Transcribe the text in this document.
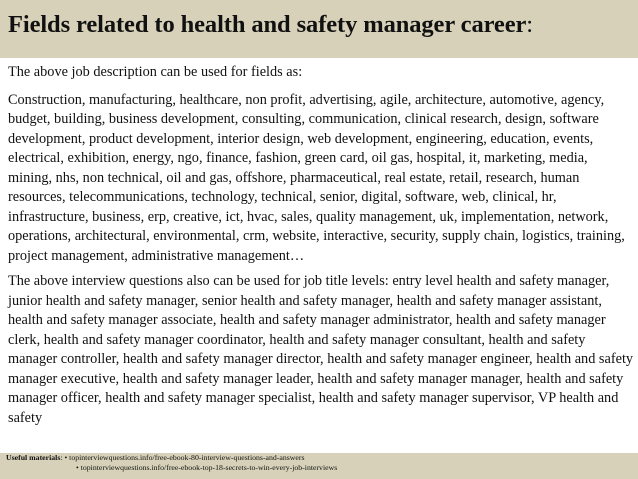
Fields related to health and safety manager career:

The above job description can be used for fields as:

Construction, manufacturing, healthcare, non profit, advertising, agile, architecture, automotive, agency, budget, building, business development, consulting, communication, clinical research, design, software development, product development, interior design, web development, engineering, education, events, electrical, exhibition, energy, ngo, finance, fashion, green card, oil gas, hospital, it, marketing, media, mining, nhs, non technical, oil and gas, offshore, pharmaceutical, real estate, retail, research, human resources, telecommunications, technology, technical, senior, digital, software, web, clinical, hr, infrastructure, business, erp, creative, ict, hvac, sales, quality management, uk, implementation, network, operations, architectural, environmental, crm, website, interactive, security, supply chain, logistics, training, project management, administrative management…

The above interview questions also can be used for job title levels: entry level health and safety manager, junior health and safety manager, senior health and safety manager, health and safety manager assistant, health and safety manager associate, health and safety manager administrator, health and safety manager clerk, health and safety manager coordinator, health and safety manager consultant, health and safety manager controller, health and safety manager director, health and safety manager engineer, health and safety manager executive, health and safety manager leader, health and safety manager manager, health and safety manager officer, health and safety manager specialist, health and safety manager supervisor, VP health and safety

Useful materials: • topinterviewquestions.info/free-ebook-80-interview-questions-and-answers
• topinterviewquestions.info/free-ebook-top-18-secrets-to-win-every-job-interviews
